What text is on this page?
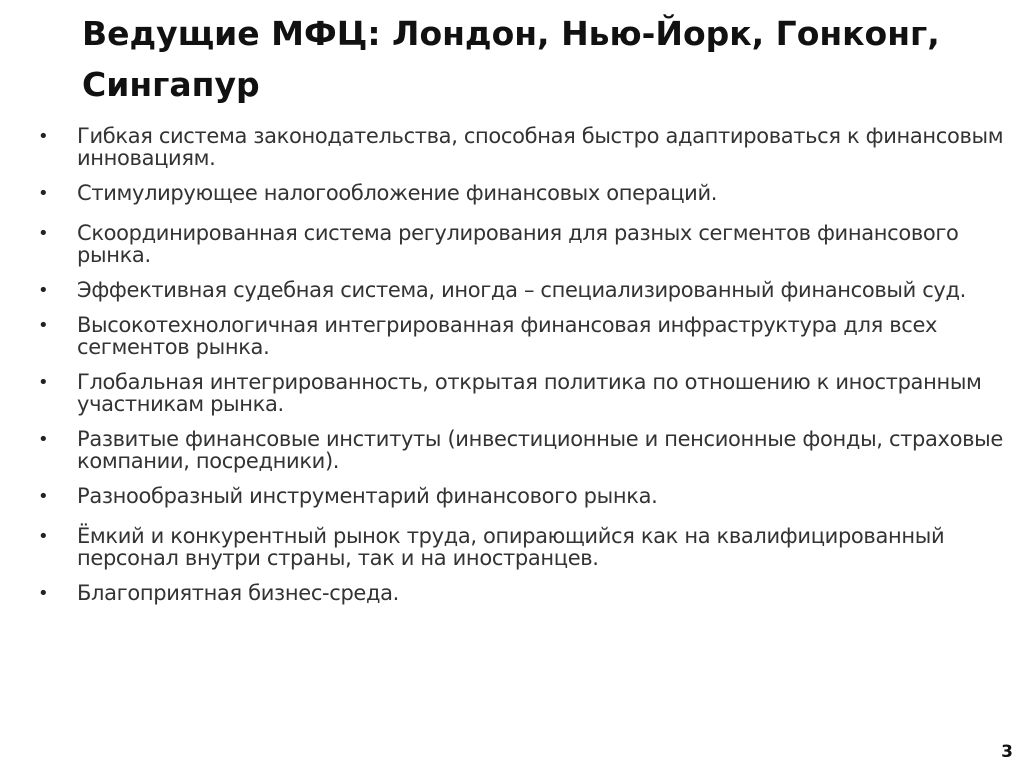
Ведущие МФЦ: Лондон, Нью-Йорк, Гонконг, Сингапур
• Гибкая система законодательства, способная быстро адаптироваться к финансовым инновациям.
• Стимулирующее налогообложение финансовых операций.
• Скоординированная система регулирования для разных сегментов финансового рынка.
• Эффективная судебная система, иногда – специализированный финансовый суд.
• Высокотехнологичная интегрированная финансовая инфраструктура для всех сегментов рынка.
• Глобальная интегрированность, открытая политика по отношению к иностранным участникам рынка.
• Развитые финансовые институты (инвестиционные и пенсионные фонды, страховые компании, посредники).
• Разнообразный инструментарий финансового рынка.
• Ёмкий и конкурентный рынок труда, опирающийся как на квалифицированный персонал внутри страны, так и на иностранцев.
• Благоприятная бизнес-среда.
3
